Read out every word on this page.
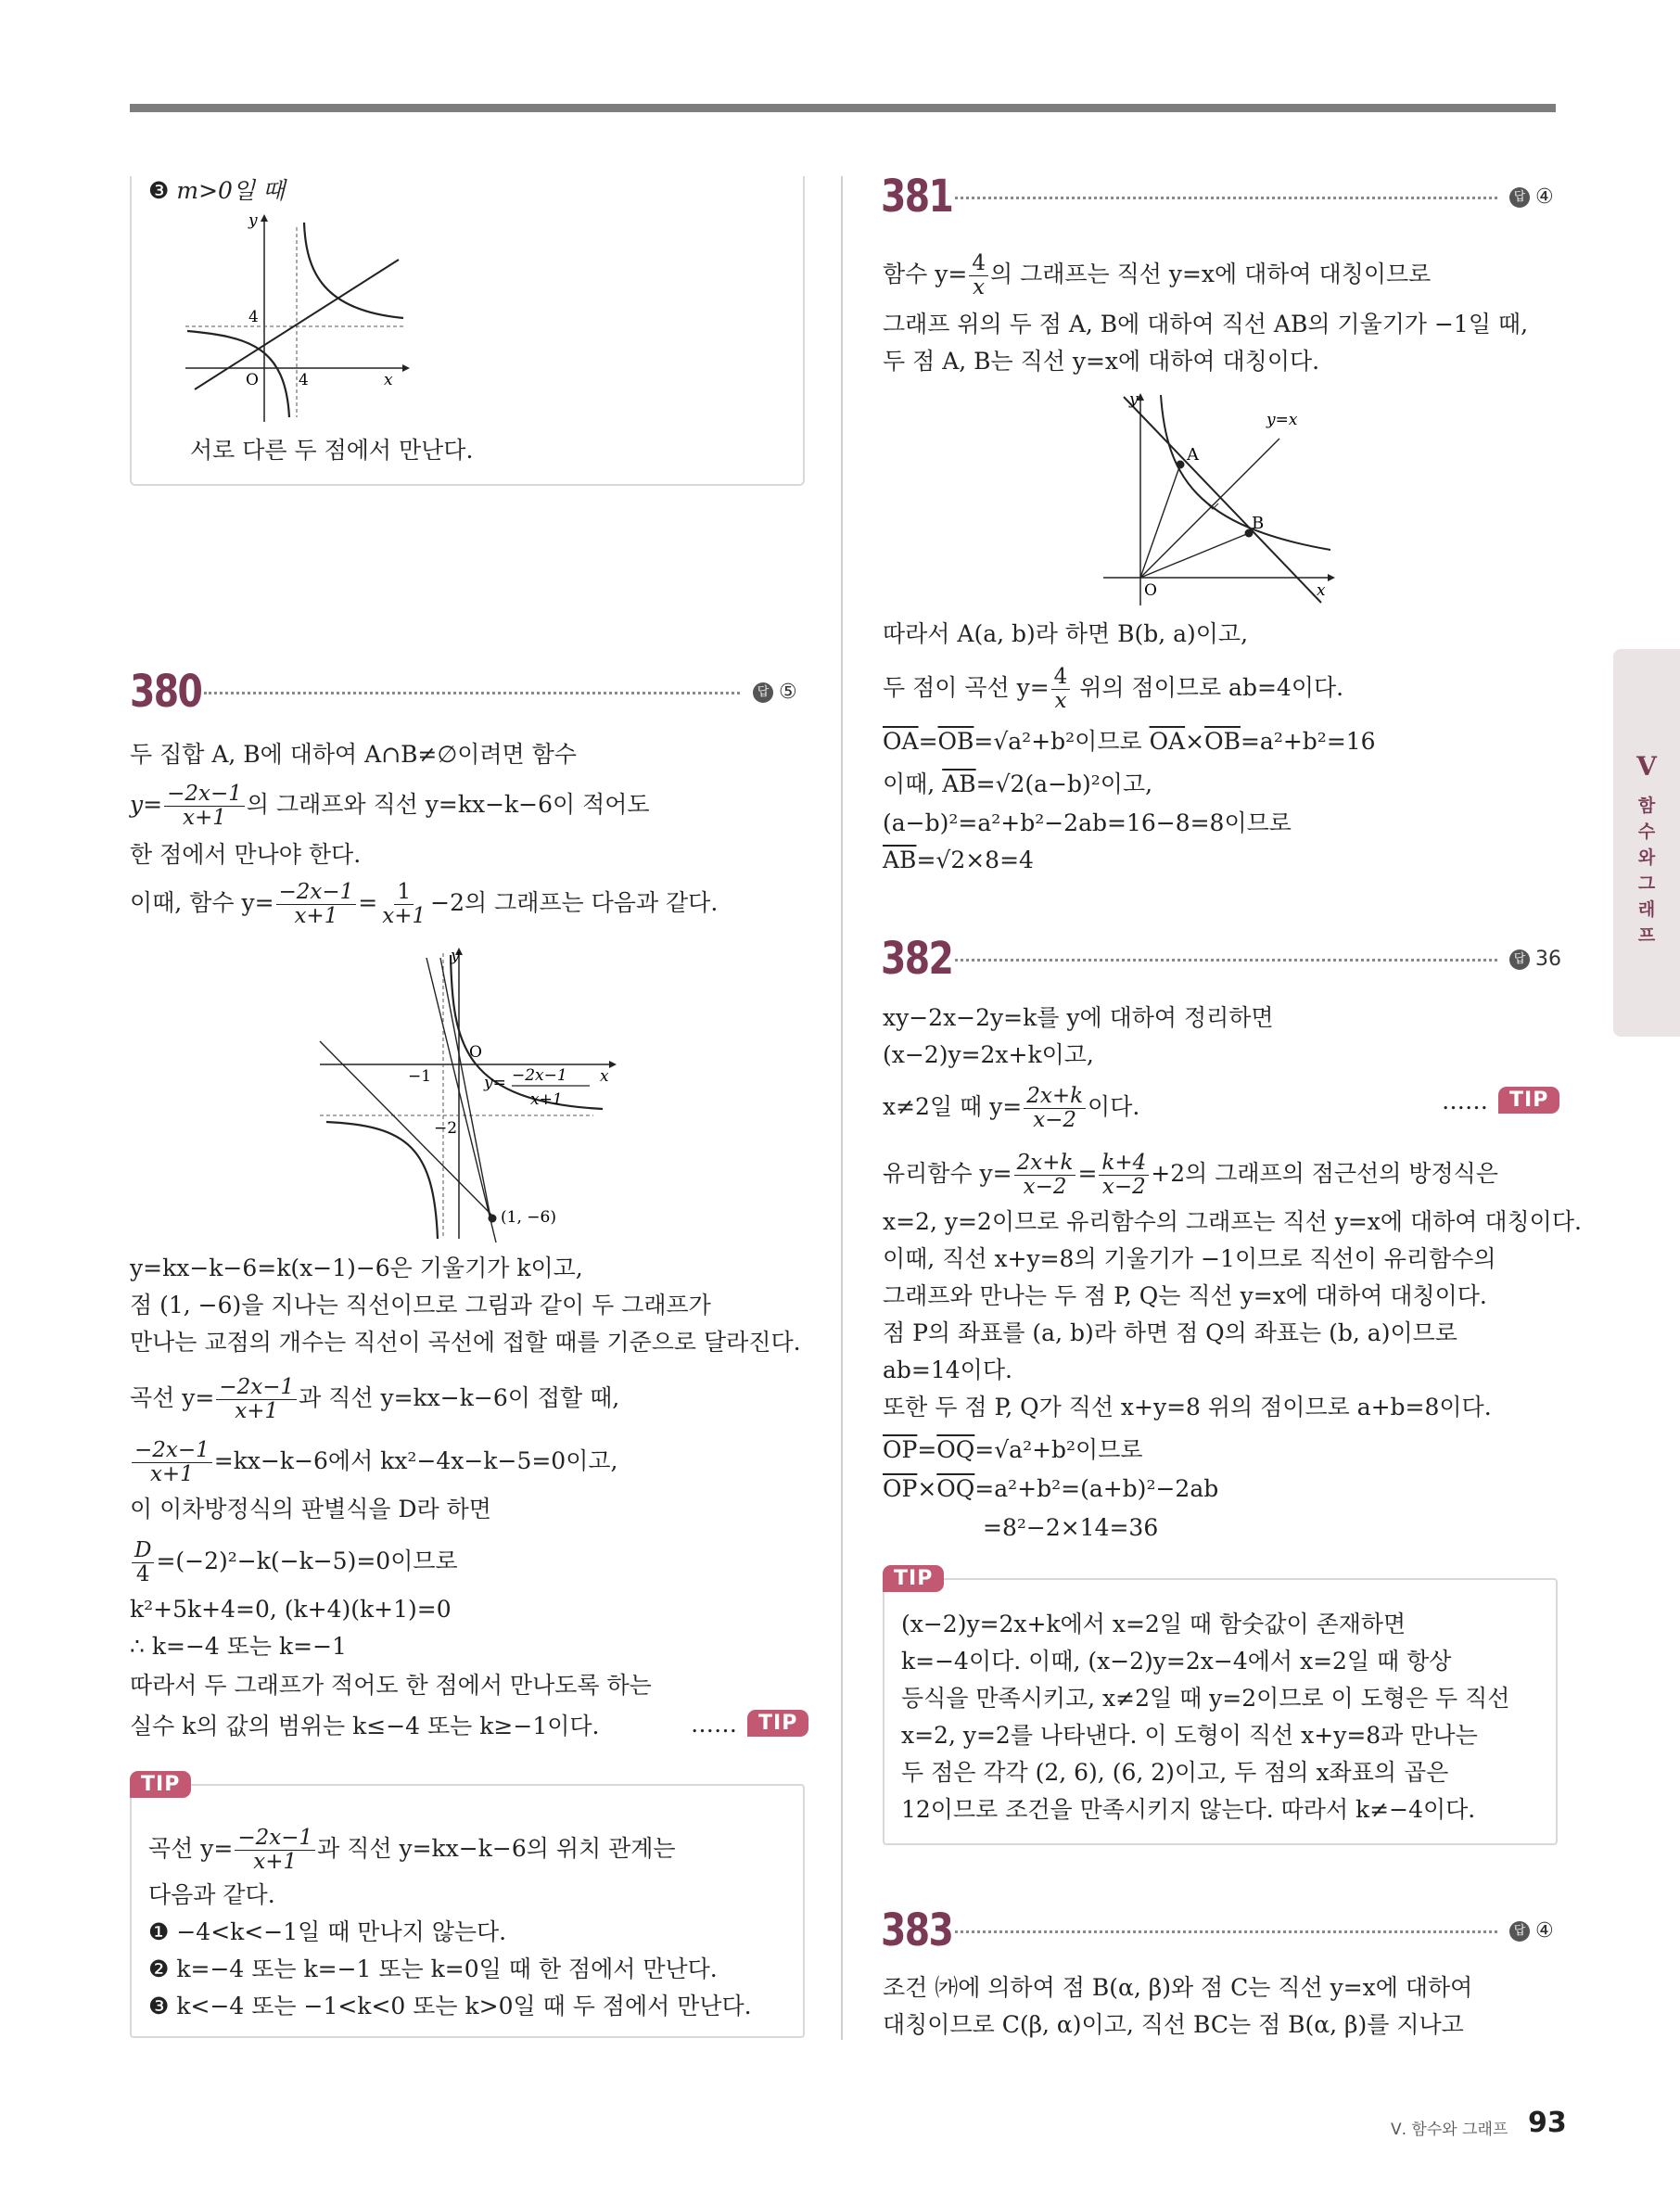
❸ m>0일 때
y
4
O	4	x
서로 다른 두 점에서 만난다.
380	답 ⑤
두 집합 A, B에 대하여 A∩B≠∅이려면 함수
$y= \frac{-2x-1}{x+1}$ 의 그래프와 직선 y=kx−k−6이 적어도
한 점에서 만나야 한다.
이때, 함수 $y= \frac{-2x-1}{x+1} = \frac{1}{x+1} -2$의 그래프는 다음과 같다.
y
O
−1
−2
x
y= −2x−1
x+1
(1, −6)
y=kx−k−6=k(x−1)−6은 기울기가 k이고,
점 (1, −6)을 지나는 직선이므로 그림과 같이 두 그래프가
만나는 교점의 개수는 직선이 곡선에 접할 때를 기준으로 달라진다.
곡선 $y= \frac{-2x-1}{x+1}$ 과 직선 y=kx−k−6이 접할 때,
$\frac{-2x-1}{x+1} =kx-k-6$에서 kx²−4x−k−5=0이고,
이 이차방정식의 판별식을 D라 하면
$\frac{D}{4} =(-2)^2-k(-k-5)=0$이므로
k²+5k+4=0, (k+4)(k+1)=0
∴ k=−4 또는 k=−1
따라서 두 그래프가 적어도 한 점에서 만나도록 하는
실수 k의 값의 범위는 k≤−4 또는 k≥−1이다.	……	TIP
TIP
곡선 $y= \frac{-2x-1}{x+1}$ 과 직선 y=kx−k−6의 위치 관계는
다음과 같다.
❶ −4<k<−1일 때 만나지 않는다.
❷ k=−4 또는 k=−1 또는 k=0일 때 한 점에서 만난다.
❸ k<−4 또는 −1<k<0 또는 k>0일 때 두 점에서 만난다.
381	답 ④
함수 $y= \frac{4}{x}$ 의 그래프는 직선 y=x에 대하여 대칭이므로
그래프 위의 두 점 A, B에 대하여 직선 AB의 기울기가 −1일 때,
두 점 A, B는 직선 y=x에 대하여 대칭이다.
y
y=x
A
B
O	x
따라서 A(a, b)라 하면 B(b, a)이고,
두 점이 곡선 $y= \frac{4}{x}$ 위의 점이므로 ab=4이다.
$\overline{OA}=\overline{OB}=√a^2+b^2$이므로 $\overline{OA}\times\overline{OB}=a^2+b^2=16$
이때, $\overline{AB}=√2(a-b)^2$이고,
(a−b)²=a²+b²−2ab=16−8=8이므로
$\overline{AB}=√2\times 8=4$
382	답 36
xy−2x−2y=k를 y에 대하여 정리하면
(x−2)y=2x+k이고,
x≠2일 때 $y= \frac{2x+k}{x-2}$ 이다.	……	TIP
유리함수 $y= \frac{2x+k}{x-2} = \frac{k+4}{x-2} +2$의 그래프의 점근선의 방정식은
x=2, y=2이므로 유리함수의 그래프는 직선 y=x에 대하여 대칭이다.
이때, 직선 x+y=8의 기울기가 −1이므로 직선이 유리함수의
그래프와 만나는 두 점 P, Q는 직선 y=x에 대하여 대칭이다.
점 P의 좌표를 (a, b)라 하면 점 Q의 좌표는 (b, a)이므로
ab=14이다.
또한 두 점 P, Q가 직선 x+y=8 위의 점이므로 a+b=8이다.
$\overline{OP}=\overline{OQ}=√a^2+b^2$이므로
$\overline{OP}\times\overline{OQ}=a^2+b^2=(a+b)^2-2ab$
=8²−2×14=36
TIP
(x−2)y=2x+k에서 x=2일 때 함숫값이 존재하면
k=−4이다. 이때, (x−2)y=2x−4에서 x=2일 때 항상
등식을 만족시키고, x≠2일 때 y=2이므로 이 도형은 두 직선
x=2, y=2를 나타낸다. 이 도형이 직선 x+y=8과 만나는
두 점은 각각 (2, 6), (6, 2)이고, 두 점의 x좌표의 곱은
12이므로 조건을 만족시키지 않는다. 따라서 k≠−4이다.
383	답 ④
조건 ㈎에 의하여 점 B(α, β)와 점 C는 직선 y=x에 대하여
대칭이므로 C(β, α)이고, 직선 BC는 점 B(α, β)를 지나고
V
함
수
와
그
래
프
Ⅴ. 함수와 그래프 93
